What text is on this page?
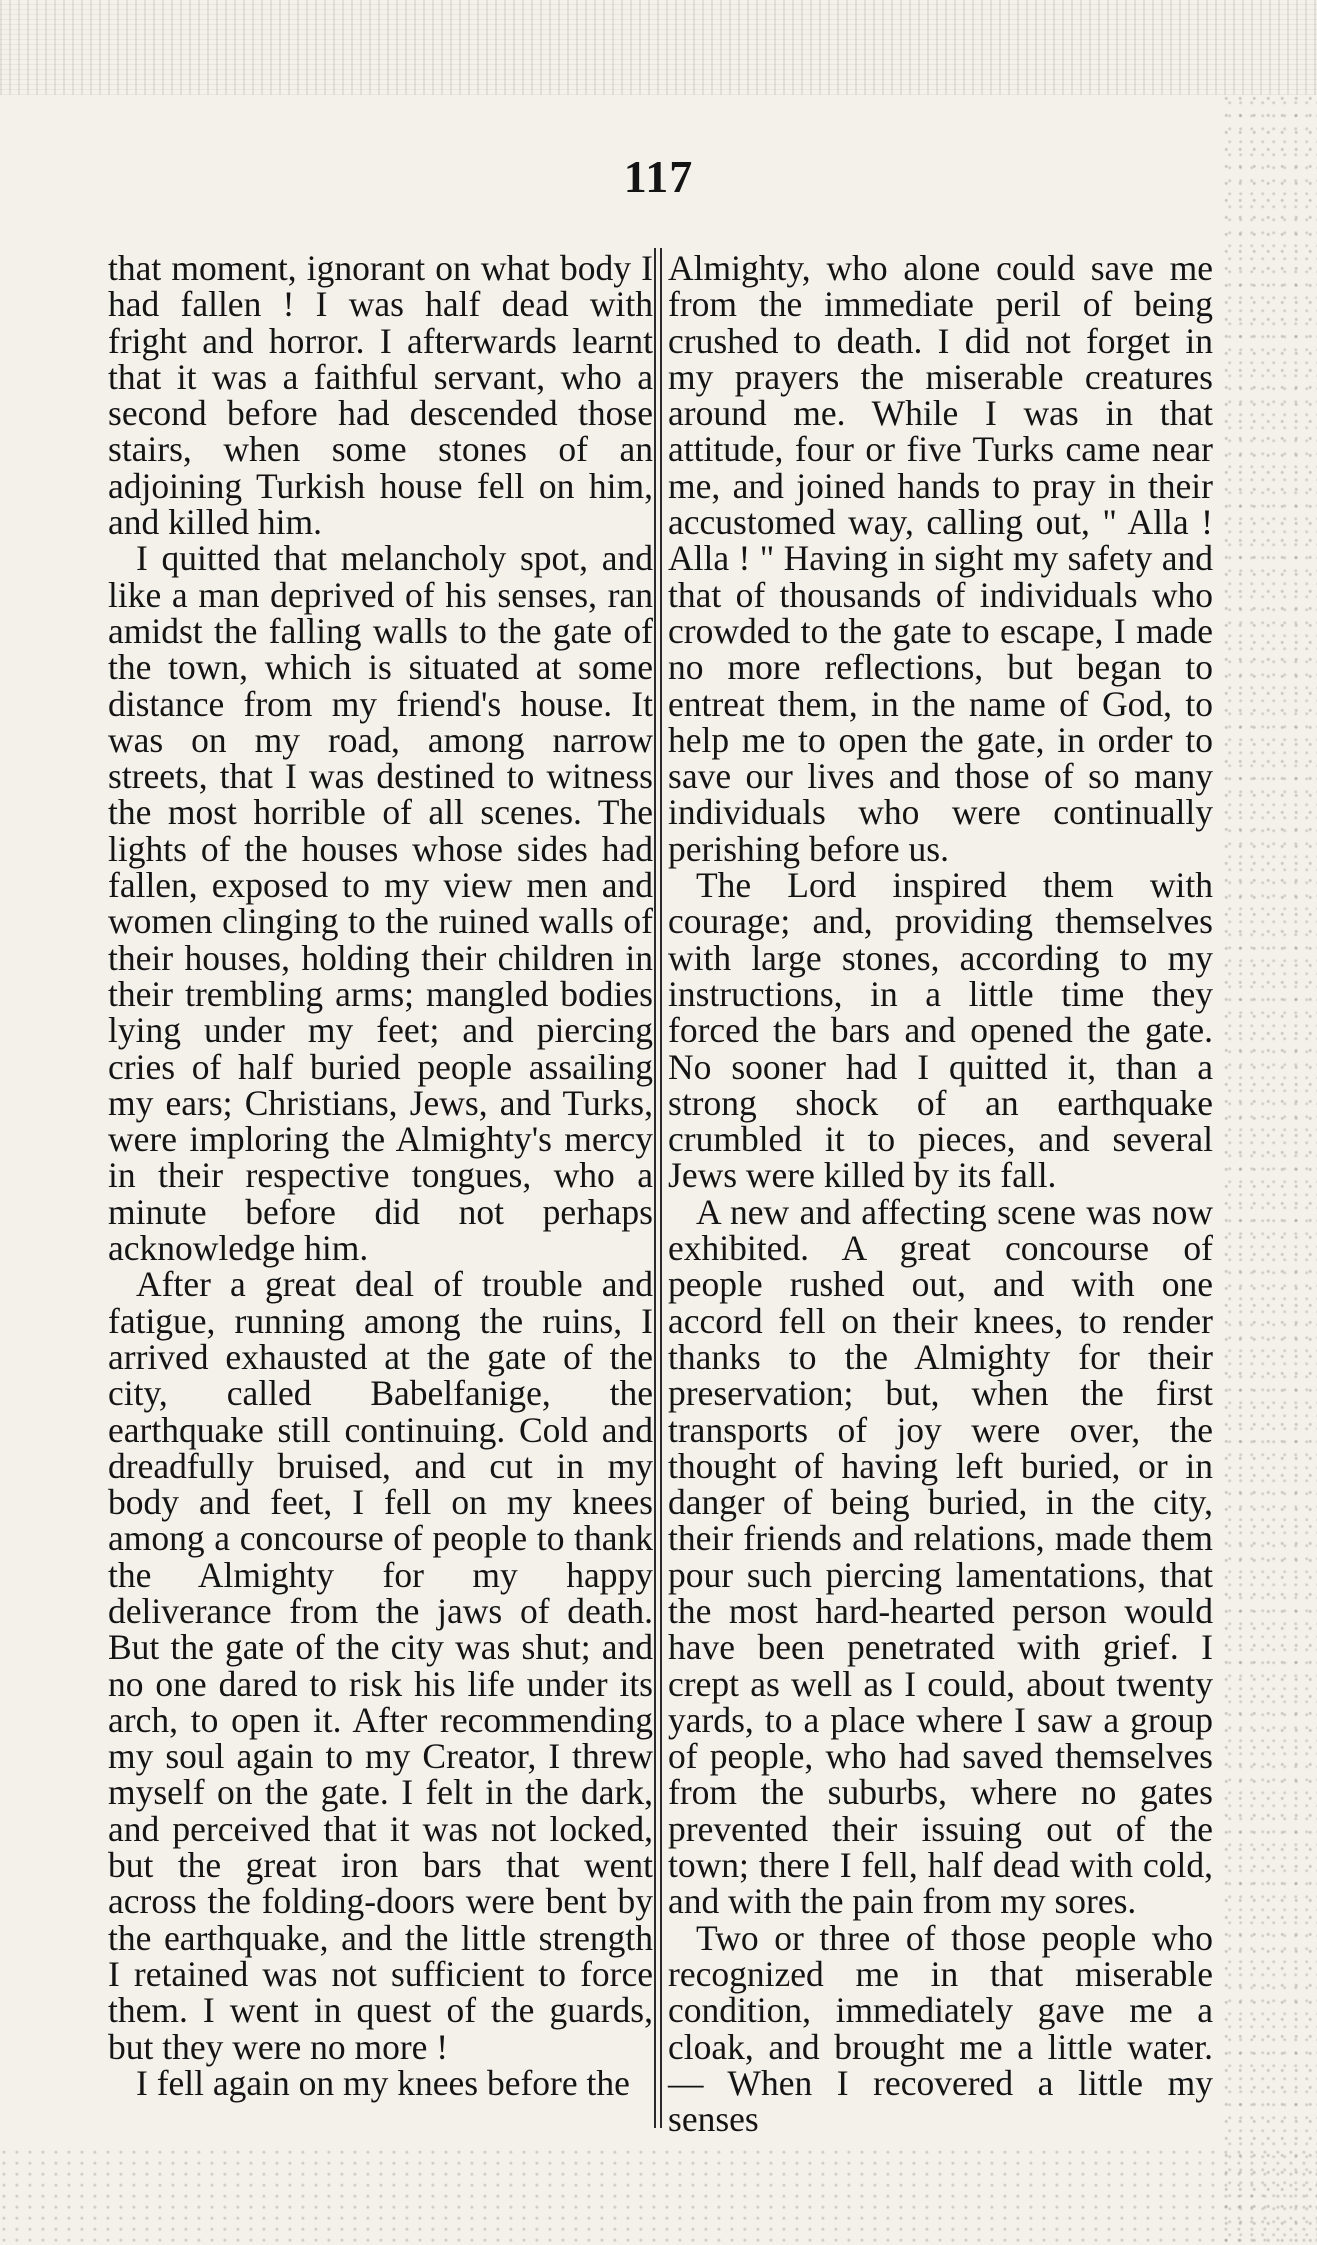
117

that moment, ignorant on what body I had fallen ! I was half dead with fright and horror. I afterwards learnt that it was a faithful servant, who a second before had descended those stairs, when some stones of an adjoining Turkish house fell on him, and killed him.

I quitted that melancholy spot, and like a man deprived of his senses, ran amidst the falling walls to the gate of the town, which is situated at some distance from my friend's house. It was on my road, among narrow streets, that I was destined to witness the most horrible of all scenes. The lights of the houses whose sides had fallen, exposed to my view men and women clinging to the ruined walls of their houses, holding their children in their trembling arms; mangled bodies lying under my feet; and piercing cries of half buried people assailing my ears; Christians, Jews, and Turks, were imploring the Almighty's mercy in their respective tongues, who a minute before did not perhaps acknowledge him.

After a great deal of trouble and fatigue, running among the ruins, I arrived exhausted at the gate of the city, called Babelfanige, the earthquake still continuing. Cold and dreadfully bruised, and cut in my body and feet, I fell on my knees among a concourse of people to thank the Almighty for my happy deliverance from the jaws of death. But the gate of the city was shut; and no one dared to risk his life under its arch, to open it. After recommending my soul again to my Creator, I threw myself on the gate. I felt in the dark, and perceived that it was not locked, but the great iron bars that went across the folding-doors were bent by the earthquake, and the little strength I retained was not sufficient to force them. I went in quest of the guards, but they were no more !

I fell again on my knees before the

Almighty, who alone could save me from the immediate peril of being crushed to death. I did not forget in my prayers the miserable creatures around me. While I was in that attitude, four or five Turks came near me, and joined hands to pray in their accustomed way, calling out, " Alla ! Alla ! " Having in sight my safety and that of thousands of individuals who crowded to the gate to escape, I made no more reflections, but began to entreat them, in the name of God, to help me to open the gate, in order to save our lives and those of so many individuals who were continually perishing before us.

The Lord inspired them with courage; and, providing themselves with large stones, according to my instructions, in a little time they forced the bars and opened the gate. No sooner had I quitted it, than a strong shock of an earthquake crumbled it to pieces, and several Jews were killed by its fall.

A new and affecting scene was now exhibited. A great concourse of people rushed out, and with one accord fell on their knees, to render thanks to the Almighty for their preservation; but, when the first transports of joy were over, the thought of having left buried, or in danger of being buried, in the city, their friends and relations, made them pour such piercing lamentations, that the most hard-hearted person would have been penetrated with grief. I crept as well as I could, about twenty yards, to a place where I saw a group of people, who had saved themselves from the suburbs, where no gates prevented their issuing out of the town; there I fell, half dead with cold, and with the pain from my sores.

Two or three of those people who recognized me in that miserable condition, immediately gave me a cloak, and brought me a little water. — When I recovered a little my senses
